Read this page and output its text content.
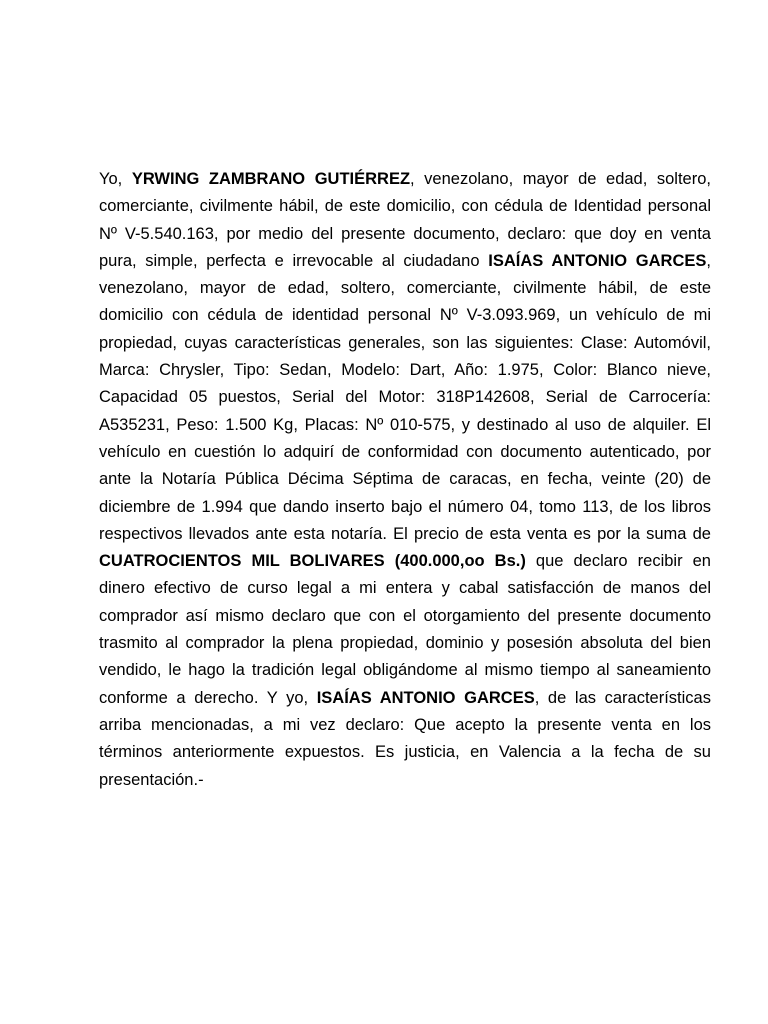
Yo, YRWING ZAMBRANO GUTIÉRREZ, venezolano, mayor de edad, soltero, comerciante, civilmente hábil, de este domicilio, con cédula de Identidad personal Nº V-5.540.163, por medio del presente documento, declaro: que doy en venta pura, simple, perfecta e irrevocable al ciudadano ISAÍAS ANTONIO GARCES, venezolano, mayor de edad, soltero, comerciante, civilmente hábil, de este domicilio con cédula de identidad personal Nº V-3.093.969, un vehículo de mi propiedad, cuyas características generales, son las siguientes: Clase: Automóvil, Marca: Chrysler, Tipo: Sedan, Modelo: Dart, Año: 1.975, Color: Blanco nieve, Capacidad 05 puestos, Serial del Motor: 318P142608, Serial de Carrocería: A535231, Peso: 1.500 Kg, Placas: Nº 010-575, y destinado al uso de alquiler. El vehículo en cuestión lo adquirí de conformidad con documento autenticado, por ante la Notaría Pública Décima Séptima de caracas, en fecha, veinte (20) de diciembre de 1.994 que dando inserto bajo el número 04, tomo 113, de los libros respectivos llevados ante esta notaría. El precio de esta venta es por la suma de CUATROCIENTOS MIL BOLIVARES (400.000,oo Bs.) que declaro recibir en dinero efectivo de curso legal a mi entera y cabal satisfacción de manos del comprador así mismo declaro que con el otorgamiento del presente documento trasmito al comprador la plena propiedad, dominio y posesión absoluta del bien vendido, le hago la tradición legal obligándome al mismo tiempo al saneamiento conforme a derecho. Y yo, ISAÍAS ANTONIO GARCES, de las características arriba mencionadas, a mi vez declaro: Que acepto la presente venta en los términos anteriormente expuestos. Es justicia, en Valencia a la fecha de su presentación.-
